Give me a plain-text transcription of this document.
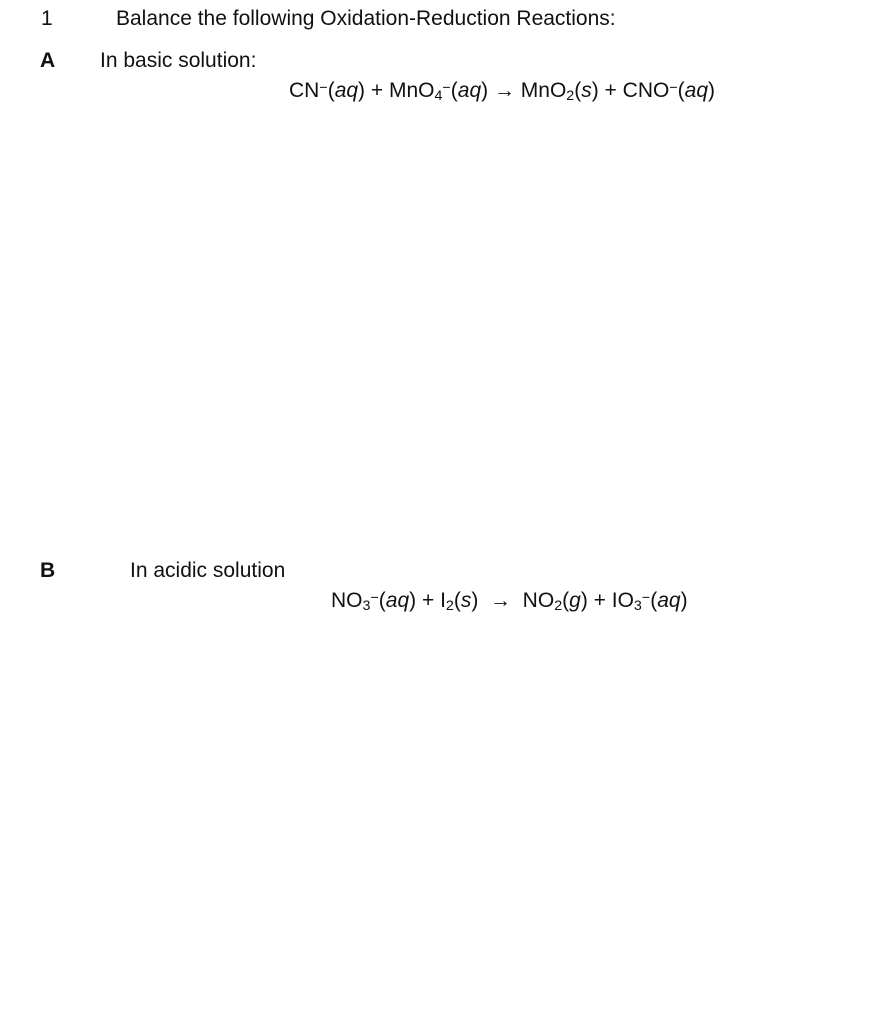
1	Balance the following Oxidation-Reduction Reactions:
A In basic solution:
CN−(aq) + MnO4−(aq) → MnO2(s) + CNO−(aq)
B	In acidic solution
NO3−(aq) + I2(s)  →  NO2(g) + IO3−(aq)
